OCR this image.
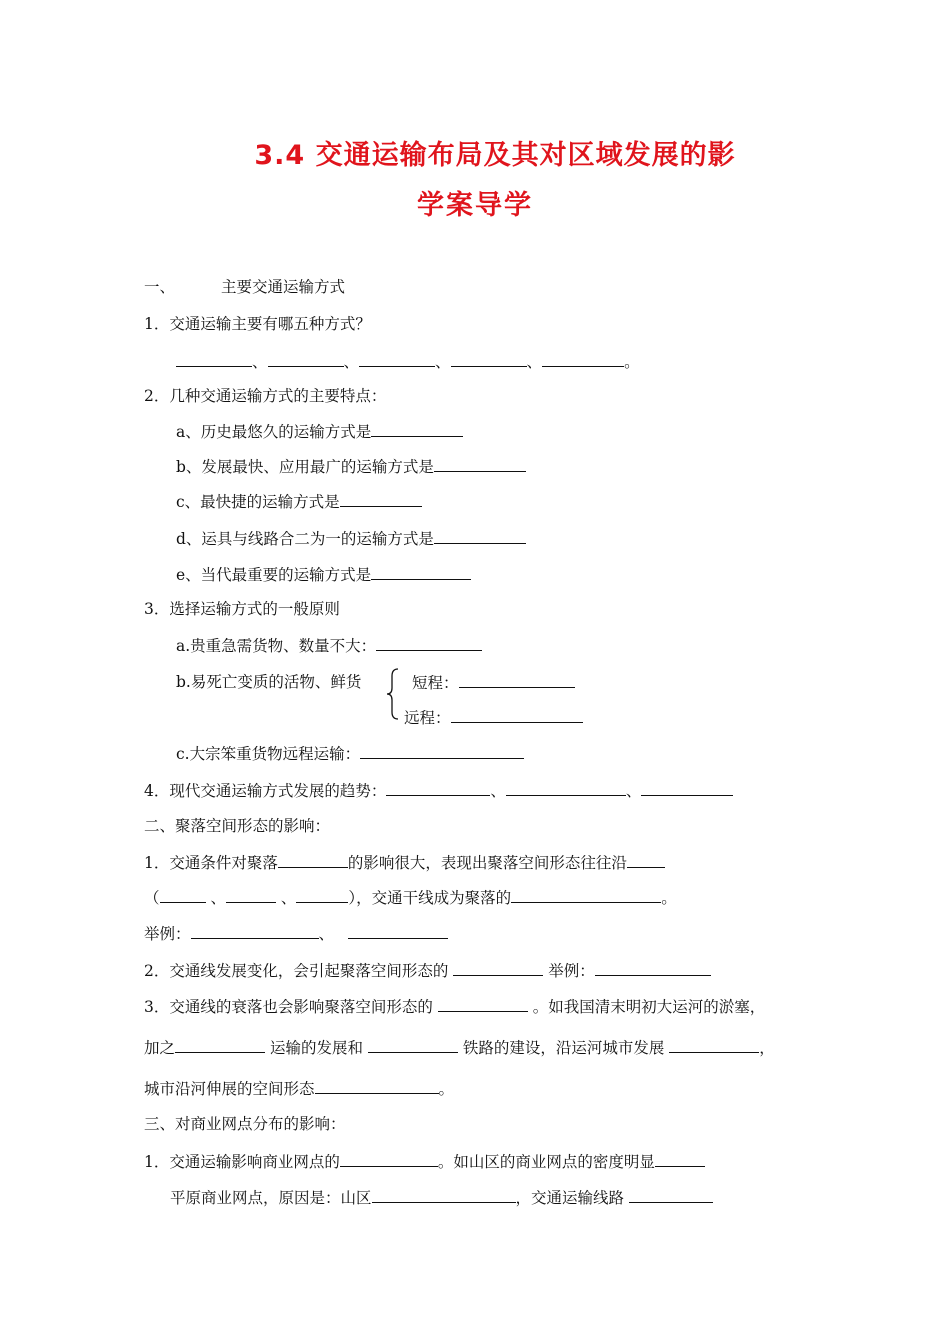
3.4 交通运输布局及其对区域发展的影
学案导学
一、	主要交通运输方式
1．交通运输主要有哪五种方式？
、	、	、	、	。
2．几种交通运输方式的主要特点：
a、历史最悠久的运输方式是
b、发展最快、应用最广的运输方式是
c、最快捷的运输方式是
d、运具与线路合二为一的运输方式是
e、当代最重要的运输方式是
3．选择运输方式的一般原则
a.贵重急需货物、数量不大：
b.易死亡变质的活物、鲜货	短程：
远程：
c.大宗笨重货物远程运输：
4．现代交通运输方式发展的趋势：	、	、
二、聚落空间形态的影响：
1．交通条件对聚落	的影响很大，表现出聚落空间形态往往沿
（	、	、	），交通干线成为聚落的	。
举例：	、
2．交通线发展变化，会引起聚落空间形态的	举例：
3．交通线的衰落也会影响聚落空间形态的	。如我国清末明初大运河的淤塞，
加之	运输的发展和	铁路的建设，沿运河城市发展	，
城市沿河伸展的空间形态	。
三、对商业网点分布的影响：
1．交通运输影响商业网点的	。如山区的商业网点的密度明显
平原商业网点，原因是：山区	，交通运输线路
